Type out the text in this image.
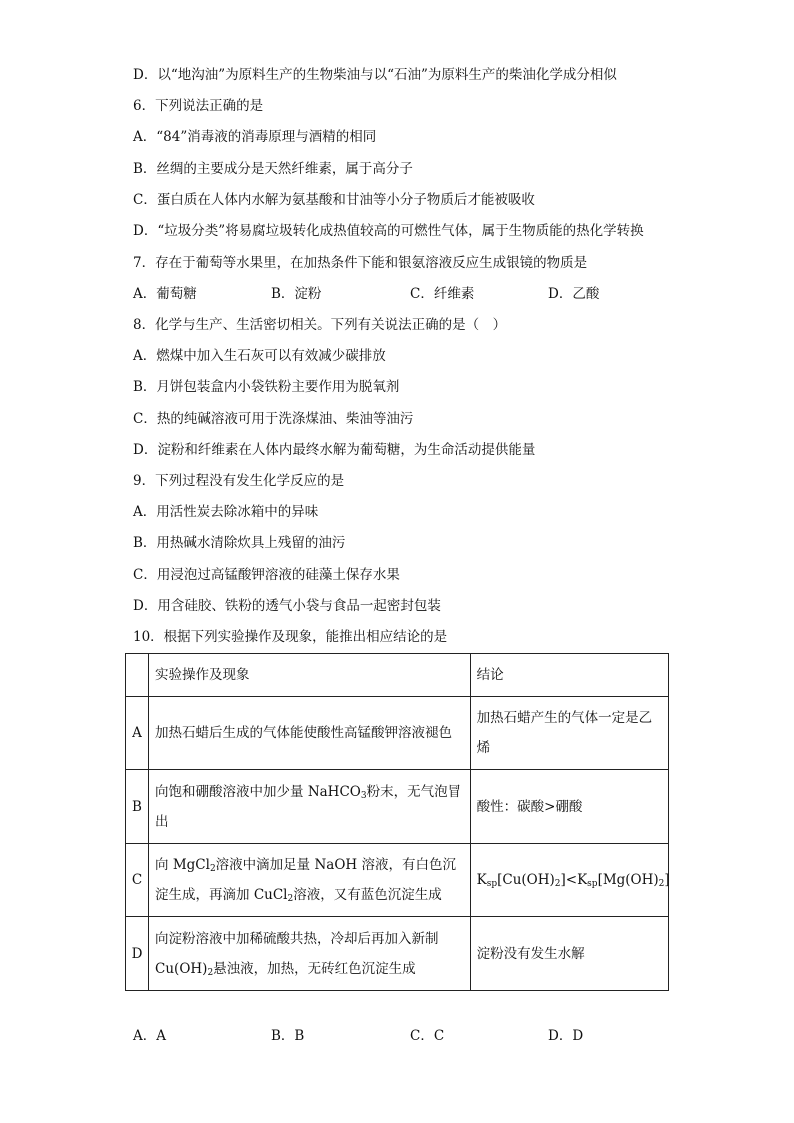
D．以“地沟油”为原料生产的生物柴油与以“石油”为原料生产的柴油化学成分相似
6．下列说法正确的是
A．“84”消毒液的消毒原理与酒精的相同
B．丝绸的主要成分是天然纤维素，属于高分子
C．蛋白质在人体内水解为氨基酸和甘油等小分子物质后才能被吸收
D．“垃圾分类”将易腐垃圾转化成热值较高的可燃性气体，属于生物质能的热化学转换
7．存在于葡萄等水果里，在加热条件下能和银氨溶液反应生成银镜的物质是
A．葡萄糖	B．淀粉	C．纤维素	D．乙酸
8．化学与生产、生活密切相关。下列有关说法正确的是（　）
A．燃煤中加入生石灰可以有效减少碳排放
B．月饼包装盒内小袋铁粉主要作用为脱氧剂
C．热的纯碱溶液可用于洗涤煤油、柴油等油污
D．淀粉和纤维素在人体内最终水解为葡萄糖，为生命活动提供能量
9．下列过程没有发生化学反应的是
A．用活性炭去除冰箱中的异味
B．用热碱水清除炊具上残留的油污
C．用浸泡过高锰酸钾溶液的硅藻土保存水果
D．用含硅胶、铁粉的透气小袋与食品一起密封包装
10．根据下列实验操作及现象，能推出相应结论的是
	实验操作及现象	结论
A	加热石蜡后生成的气体能使酸性高锰酸钾溶液褪色	加热石蜡产生的气体一定是乙烯
B	向饱和硼酸溶液中加少量 NaHCO$_3$粉末，无气泡冒出	酸性：碳酸>硼酸
C	向 MgCl$_2$溶液中滴加足量 NaOH 溶液，有白色沉淀生成，再滴加 CuCl$_2$溶液，又有蓝色沉淀生成	$K_{sp}[Cu(OH)_2]<K_{sp}[Mg(OH)_2]$
D	向淀粉溶液中加稀硫酸共热，冷却后再加入新制$Cu(OH)_2$悬浊液，加热，无砖红色沉淀生成	淀粉没有发生水解
A．A	B．B	C．C	D．D
